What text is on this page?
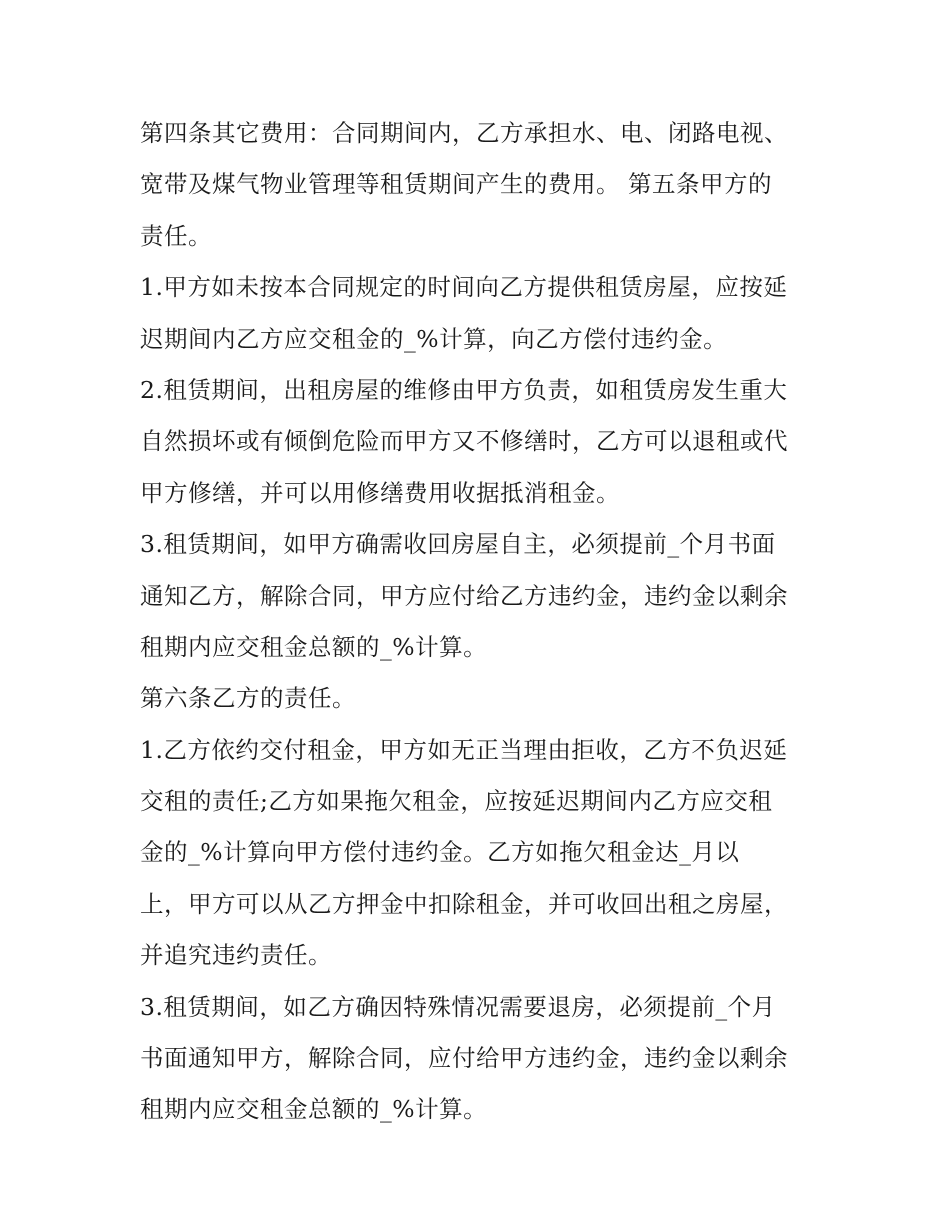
第四条其它费用：合同期间内，乙方承担水、电、闭路电视、
宽带及煤气物业管理等租赁期间产生的费用。 第五条甲方的
责任。
1.甲方如未按本合同规定的时间向乙方提供租赁房屋，应按延
迟期间内乙方应交租金的_%计算，向乙方偿付违约金。
2.租赁期间，出租房屋的维修由甲方负责，如租赁房发生重大
自然损坏或有倾倒危险而甲方又不修缮时，乙方可以退租或代
甲方修缮，并可以用修缮费用收据抵消租金。
3.租赁期间，如甲方确需收回房屋自主，必须提前_个月书面
通知乙方，解除合同，甲方应付给乙方违约金，违约金以剩余
租期内应交租金总额的_%计算。
第六条乙方的责任。
1.乙方依约交付租金，甲方如无正当理由拒收，乙方不负迟延
交租的责任;乙方如果拖欠租金，应按延迟期间内乙方应交租
金的_%计算向甲方偿付违约金。乙方如拖欠租金达_月以
上，甲方可以从乙方押金中扣除租金，并可收回出租之房屋，
并追究违约责任。
3.租赁期间，如乙方确因特殊情况需要退房，必须提前_个月
书面通知甲方，解除合同，应付给甲方违约金，违约金以剩余
租期内应交租金总额的_%计算。
